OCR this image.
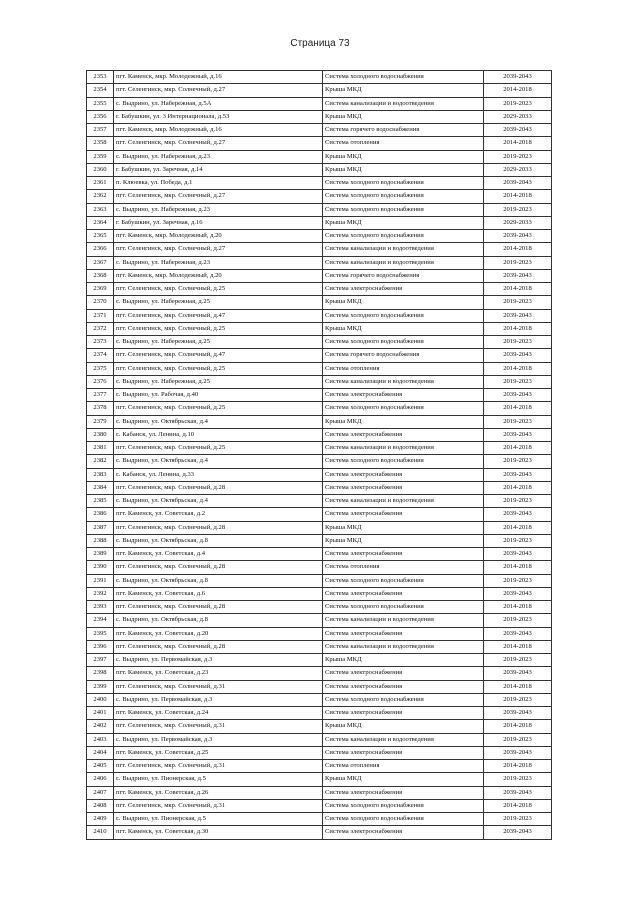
Страница 73
2353	пгт. Каменск, мкр. Молодежный, д.16	Система холодного водоснабжения	2039-2043
2354	пгт. Селенгинск, мкр. Солнечный, д.27	Крыша МКД	2014-2018
2355	с. Выдрино, ул. Набережная, д.5А	Система канализации и водоотведения	2019-2023
2356	г. Бабушкин, ул. 3 Интернационала, д.53	Крыша МКД	2029-2033
2357	пгт. Каменск, мкр. Молодежный, д.16	Система горячего водоснабжения	2039-2043
2358	пгт. Селенгинск, мкр. Солнечный, д.27	Система отопления	2014-2018
2359	с. Выдрино, ул. Набережная, д.23	Крыша МКД	2019-2023
2360	г. Бабушкин, ул. Заречная, д.14	Крыша МКД	2029-2033
2361	п. Клюевка, ул. Победа, д.1	Система холодного водоснабжения	2039-2043
2362	пгт. Селенгинск, мкр. Солнечный, д.27	Система холодного водоснабжения	2014-2018
2363	с. Выдрино, ул. Набережная, д.23	Система холодного водоснабжения	2019-2023
2364	г. Бабушкин, ул. Заречная, д.16	Крыша МКД	2029-2033
2365	пгт. Каменск, мкр. Молодежный, д.20	Система холодного водоснабжения	2039-2043
2366	пгт. Селенгинск, мкр. Солнечный, д.27	Система канализации и водоотведения	2014-2018
2367	с. Выдрино, ул. Набережная, д.23	Система канализации и водоотведения	2019-2023
2368	пгт. Каменск, мкр. Молодежный, д.20	Система горячего водоснабжения	2039-2043
2369	пгт. Селенгинск, мкр. Солнечный, д.25	Система электроснабжения	2014-2018
2370	с. Выдрино, ул. Набережная, д.25	Крыша МКД	2019-2023
2371	пгт. Селенгинск, мкр. Солнечный, д.47	Система холодного водоснабжения	2039-2043
2372	пгт. Селенгинск, мкр. Солнечный, д.25	Крыша МКД	2014-2018
2373	с. Выдрино, ул. Набережная, д.25	Система холодного водоснабжения	2019-2023
2374	пгт. Селенгинск, мкр. Солнечный, д.47	Система горячего водоснабжения	2039-2043
2375	пгт. Селенгинск, мкр. Солнечный, д.25	Система отопления	2014-2018
2376	с. Выдрино, ул. Набережная, д.25	Система канализации и водоотведения	2019-2023
2377	с. Выдрино, ул. Рабочая, д.40	Система электроснабжения	2039-2043
2378	пгт. Селенгинск, мкр. Солнечный, д.25	Система холодного водоснабжения	2014-2018
2379	с. Выдрино, ул. Октябрьская, д.4	Крыша МКД	2019-2023
2380	с. Кабанск, ул. Ленина, д.10	Система электроснабжения	2039-2043
2381	пгт. Селенгинск, мкр. Солнечный, д.25	Система канализации и водоотведения	2014-2018
2382	с. Выдрино, ул. Октябрьская, д.4	Система холодного водоснабжения	2019-2023
2383	с. Кабанск, ул. Ленина, д.33	Система электроснабжения	2039-2043
2384	пгт. Селенгинск, мкр. Солнечный, д.28	Система электроснабжения	2014-2018
2385	с. Выдрино, ул. Октябрьская, д.4	Система канализации и водоотведения	2019-2023
2386	пгт. Каменск, ул. Советская, д.2	Система электроснабжения	2039-2043
2387	пгт. Селенгинск, мкр. Солнечный, д.28	Крыша МКД	2014-2018
2388	с. Выдрино, ул. Октябрьская, д.8	Крыша МКД	2019-2023
2389	пгт. Каменск, ул. Советская, д.4	Система электроснабжения	2039-2043
2390	пгт. Селенгинск, мкр. Солнечный, д.28	Система отопления	2014-2018
2391	с. Выдрино, ул. Октябрьская, д.8	Система холодного водоснабжения	2019-2023
2392	пгт. Каменск, ул. Советская, д.6	Система электроснабжения	2039-2043
2393	пгт. Селенгинск, мкр. Солнечный, д.28	Система холодного водоснабжения	2014-2018
2394	с. Выдрино, ул. Октябрьская, д.8	Система канализации и водоотведения	2019-2023
2395	пгт. Каменск, ул. Советская, д.20	Система электроснабжения	2039-2043
2396	пгт. Селенгинск, мкр. Солнечный, д.28	Система канализации и водоотведения	2014-2018
2397	с. Выдрино, ул. Первомайская, д.3	Крыша МКД	2019-2023
2398	пгт. Каменск, ул. Советская, д.23	Система электроснабжения	2039-2043
2399	пгт. Селенгинск, мкр. Солнечный, д.31	Система электроснабжения	2014-2018
2400	с. Выдрино, ул. Первомайская, д.3	Система холодного водоснабжения	2019-2023
2401	пгт. Каменск, ул. Советская, д.24	Система электроснабжения	2039-2043
2402	пгт. Селенгинск, мкр. Солнечный, д.31	Крыша МКД	2014-2018
2403	с. Выдрино, ул. Первомайская, д.3	Система канализации и водоотведения	2019-2023
2404	пгт. Каменск, ул. Советская, д.25	Система электроснабжения	2039-2043
2405	пгт. Селенгинск, мкр. Солнечный, д.31	Система отопления	2014-2018
2406	с. Выдрино, ул. Пионерская, д.5	Крыша МКД	2019-2023
2407	пгт. Каменск, ул. Советская, д.26	Система электроснабжения	2039-2043
2408	пгт. Селенгинск, мкр. Солнечный, д.31	Система холодного водоснабжения	2014-2018
2409	с. Выдрино, ул. Пионерская, д.5	Система холодного водоснабжения	2019-2023
2410	пгт. Каменск, ул. Советская, д.30	Система электроснабжения	2039-2043
